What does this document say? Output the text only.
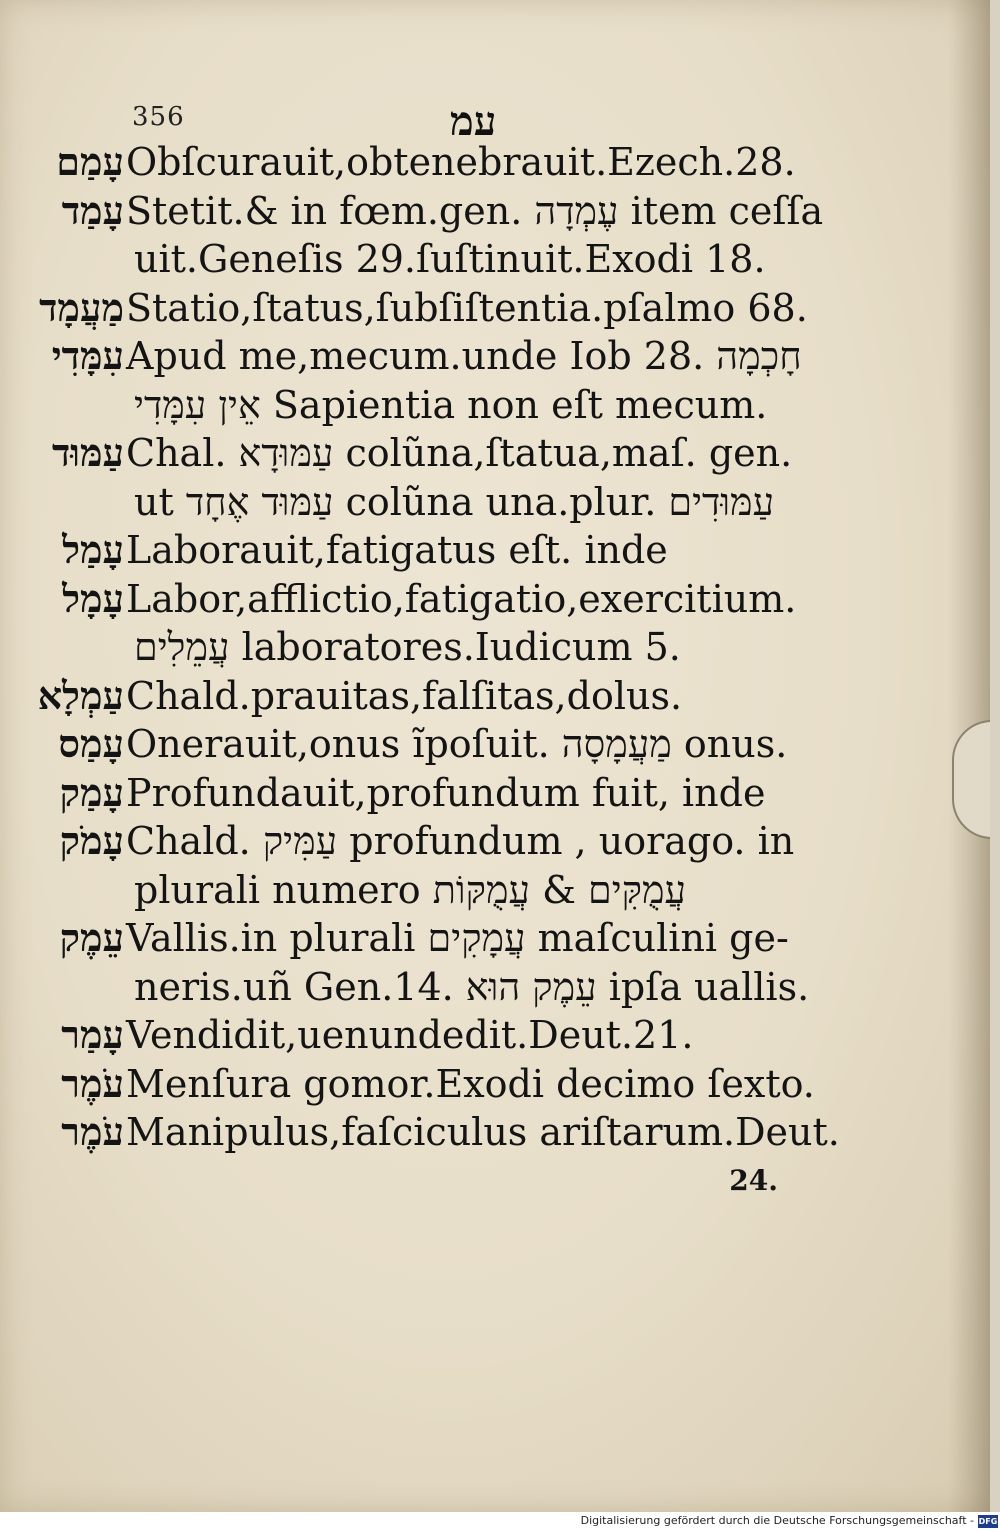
356	עמ
עָמַם Obſcurauit,obtenebrauit.Ezech.28.
עָמַד Stetit.& in fœm.gen. עֶמְדָה item ceſſa
uit.Geneſis 29.ſuſtinuit.Exodi 18.
מַעֲמָד Statio,ſtatus,ſubſiſtentia.pſalmo 68.
עִמָּדִי Apud me,mecum.unde Iob 28. חָכְמָה
אֵין עִמָּדִי Sapientia non eſt mecum.
עַמּוּד Chal. עַמּוּדָא colũna,ſtatua,maſ. gen.
ut עַמּוּד אֶחָד colũna una.plur. עַמּוּדִים
עָמַל Laborauit,fatigatus eſt. inde
עָמָל Labor,afflictio,fatigatio,exercitium.
עֲמֵלִים laboratores.Iudicum 5.
עַמְלָא Chald.prauitas,falſitas,dolus.
עָמַס Onerauit,onus ĩpoſuit. מַעֲמָסָה onus.
עָמַק Profundauit,profundum fuit, inde
עָמֹק Chald. עַמִּיק profundum , uorago. in
plurali numero עֲמֻקִּים & עֲמֻקּוֹת
עֵמֶק Vallis.in plurali עֲמָקִים maſculini ge-
neris.uñ Gen.14. עֵמֶק הוּא ipſa uallis.
עָמַר Vendidit,uenundedit.Deut.21.
עֹמֶר Menſura gomor.Exodi decimo ſexto.
עֹמֶר Manipulus,faſciculus ariſtarum.Deut.
24.
Digitalisierung gefördert durch die Deutsche Forschungsgemeinschaft - DFG
